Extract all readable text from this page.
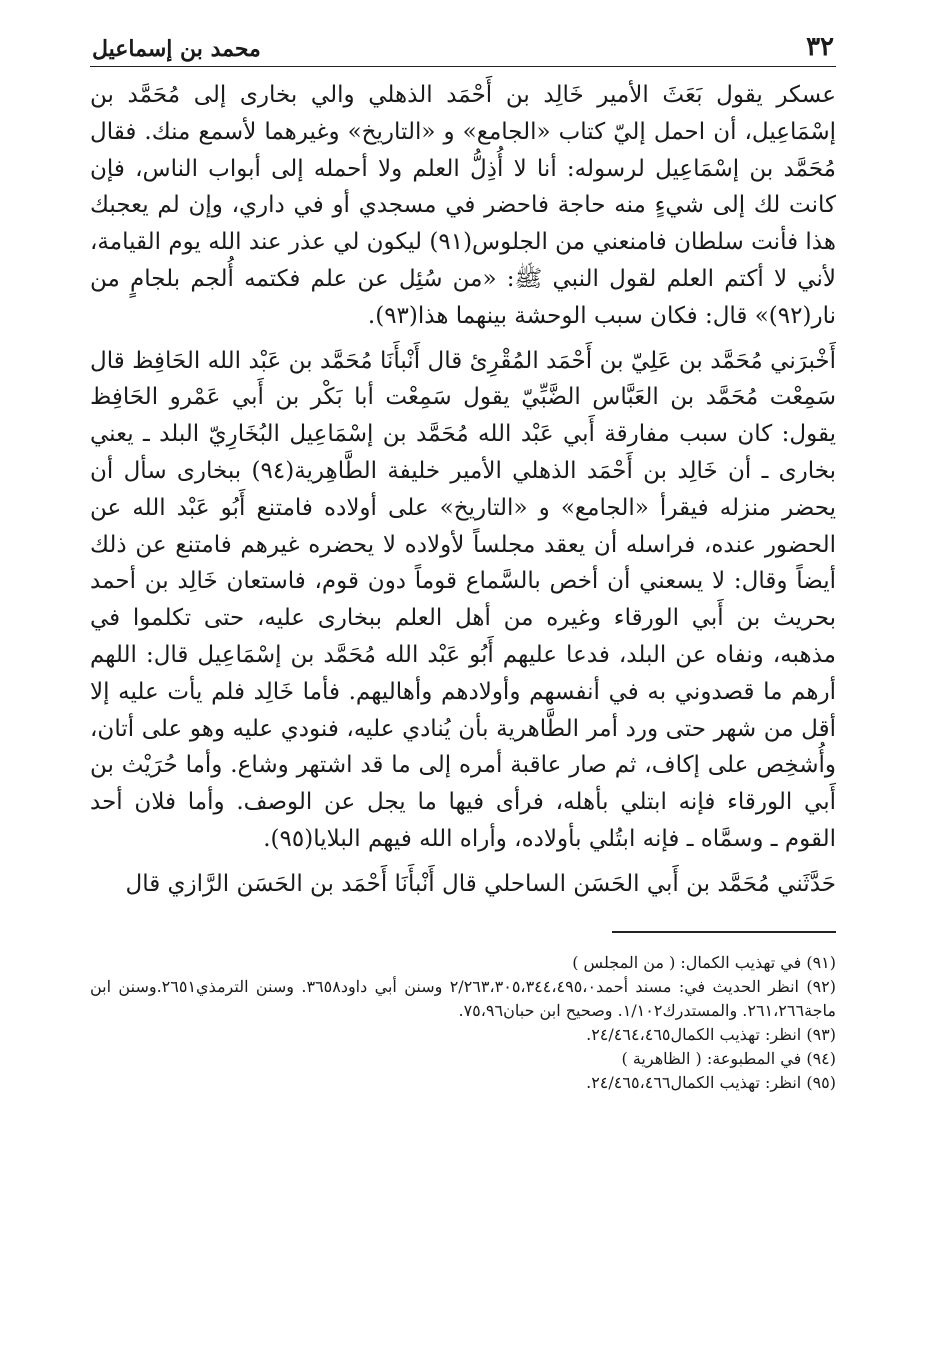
٣٢
محمد بن إسماعيل

عسكر يقول بَعَثَ الأمير خَالِد بن أَحْمَد الذهلي والي بخارى إلى مُحَمَّد بن إسْمَاعِيل، أن احمل إليّ كتاب «الجامع» و «التاريخ» وغيرهما لأسمع منك. فقال مُحَمَّد بن إسْمَاعِيل لرسوله: أنا لا أُذِلُّ العلم ولا أحمله إلى أبواب الناس، فإن كانت لك إلى شيءٍ منه حاجة فاحضر في مسجدي أو في داري، وإن لم يعجبك هذا فأنت سلطان فامنعني من الجلوس(٩١) ليكون لي عذر عند الله يوم القيامة، لأني لا أكتم العلم لقول النبي ﷺ: «من سُئِل عن علم فكتمه أُلجم بلجامٍ من نار(٩٢)» قال: فكان سبب الوحشة بينهما هذا(٩٣).

أَخْبرَني مُحَمَّد بن عَلِيّ بن أَحْمَد المُقْرِئ قال أَنْبأَنَا مُحَمَّد بن عَبْد الله الحَافِظ قال سَمِعْت مُحَمَّد بن العَبَّاس الضَّبِّيّ يقول سَمِعْت أبا بَكْر بن أَبي عَمْرو الحَافِظ يقول: كان سبب مفارقة أَبي عَبْد الله مُحَمَّد بن إسْمَاعِيل البُخَارِيّ البلد ـ يعني بخارى ـ أن خَالِد بن أَحْمَد الذهلي الأمير خليفة الطَّاهِرية(٩٤) ببخارى سأل أن يحضر منزله فيقرأ «الجامع» و «التاريخ» على أولاده فامتنع أَبُو عَبْد الله عن الحضور عنده، فراسله أن يعقد مجلساً لأولاده لا يحضره غيرهم فامتنع عن ذلك أيضاً وقال: لا يسعني أن أخص بالسَّماع قوماً دون قوم، فاستعان خَالِد بن أحمد بحريث بن أَبي الورقاء وغيره من أهل العلم ببخارى عليه، حتى تكلموا في مذهبه، ونفاه عن البلد، فدعا عليهم أَبُو عَبْد الله مُحَمَّد بن إسْمَاعِيل قال: اللهم أرهم ما قصدوني به في أنفسهم وأولادهم وأهاليهم. فأما خَالِد فلم يأت عليه إلا أقل من شهر حتى ورد أمر الطَّاهرية بأن يُنادي عليه، فنودي عليه وهو على أتان، وأُشخِص على إكاف، ثم صار عاقبة أمره إلى ما قد اشتهر وشاع. وأما حُرَيْث بن أَبي الورقاء فإنه ابتلي بأهله، فرأى فيها ما يجل عن الوصف. وأما فلان أحد القوم ـ وسمَّاه ـ فإنه ابتُلي بأولاده، وأراه الله فيهم البلايا(٩٥).

حَدَّثَني مُحَمَّد بن أَبي الحَسَن الساحلي قال أَنْبأَنَا أَحْمَد بن الحَسَن الرَّازي قال

(٩١) في تهذيب الكمال: ( من المجلس )
(٩٢) انظر الحديث في: مسند أحمد٢/٢٦٣،٣٠٥،٣٤٤،٤٩٥،٠ وسنن أبي داود٣٦٥٨. وسنن الترمذي٢٦٥١.وسنن ابن ماجة٢٦١،٢٦٦. والمستدرك١/١٠٢. وصحيح ابن حبان٧٥،٩٦.
(٩٣) انظر: تهذيب الكمال٢٤/٤٦٤،٤٦٥.
(٩٤) في المطبوعة: ( الظاهرية )
(٩٥) انظر: تهذيب الكمال٢٤/٤٦٥،٤٦٦.
